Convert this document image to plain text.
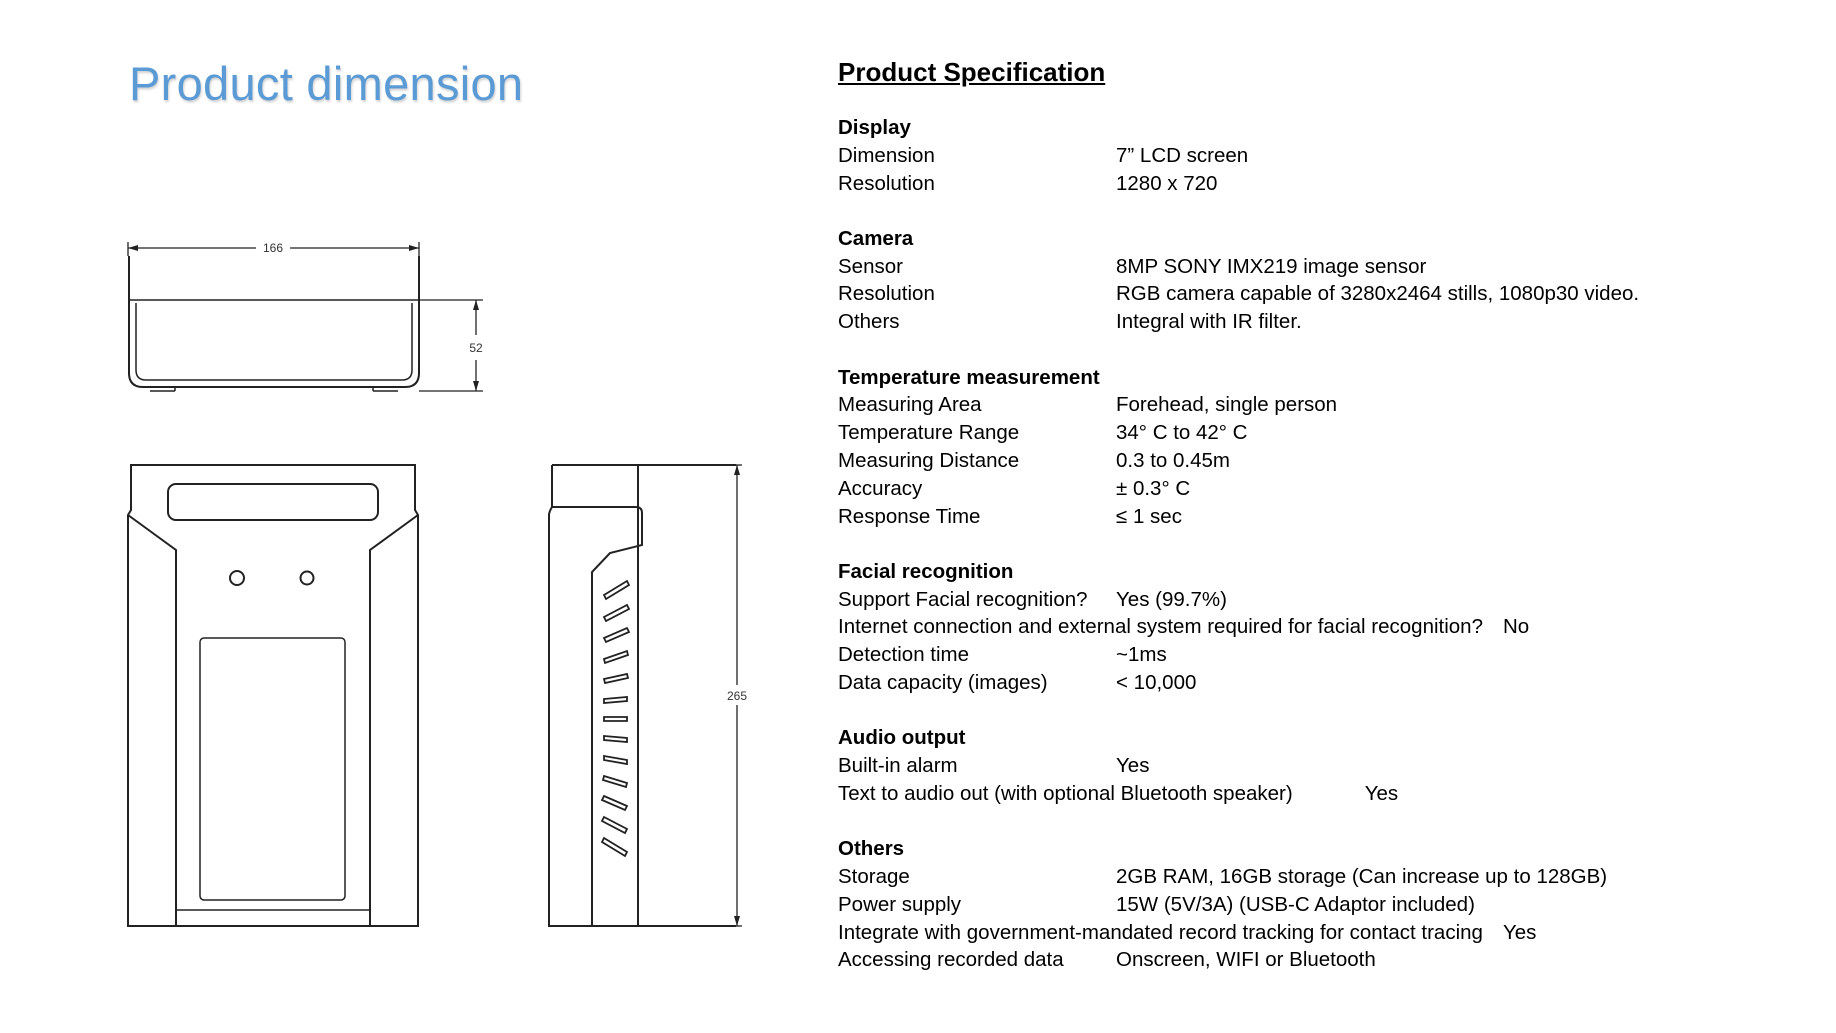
Product dimension
166
52
265
Product Specification
Display
Dimension	7” LCD screen
Resolution	1280 x 720
Camera
Sensor	8MP SONY IMX219 image sensor
Resolution	RGB camera capable of 3280x2464 stills, 1080p30 video.
Others	Integral with IR filter.
Temperature measurement
Measuring Area	Forehead, single person
Temperature Range	34° C to 42° C
Measuring Distance	0.3 to 0.45m
Accuracy	± 0.3° C
Response Time	≤ 1 sec
Facial recognition
Support Facial recognition? Yes (99.7%)
Internet connection and external system required for facial recognition? No
Detection time	~1ms
Data capacity (images)	< 10,000
Audio output
Built-in alarm	Yes
Text to audio out (with optional Bluetooth speaker)	Yes
Others
Storage	2GB RAM, 16GB storage (Can increase up to 128GB)
Power supply	15W (5V/3A) (USB-C Adaptor included)
Integrate with government-mandated record tracking for contact tracing Yes
Accessing recorded data	Onscreen, WIFI or Bluetooth
